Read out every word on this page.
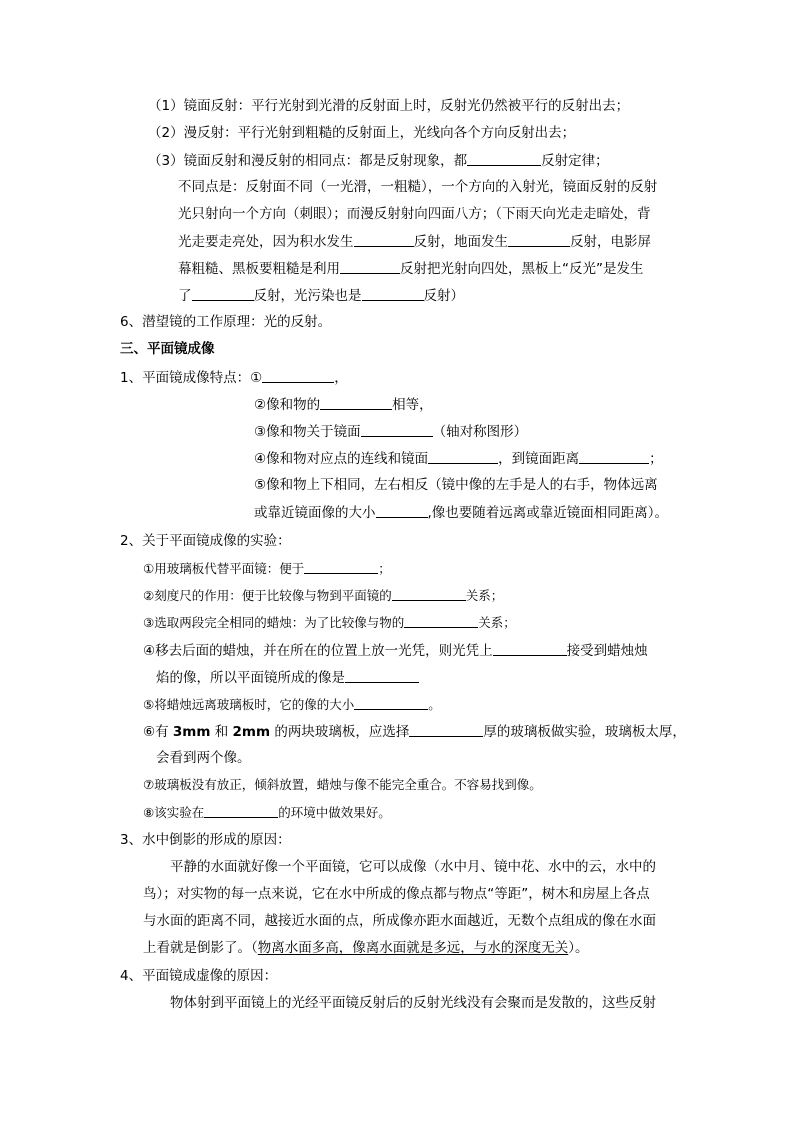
（1）镜面反射：平行光射到光滑的反射面上时，反射光仍然被平行的反射出去；
（2）漫反射：平行光射到粗糙的反射面上，光线向各个方向反射出去；
（3）镜面反射和漫反射的相同点：都是反射现象，都	反射定律；
不同点是：反射面不同（一光滑，一粗糙），一个方向的入射光，镜面反射的反射
光只射向一个方向（刺眼）；而漫反射射向四面八方；（下雨天向光走走暗处，背
光走要走亮处，因为积水发生	反射，地面发生	反射，电影屏
幕粗糙、黑板要粗糙是利用	反射把光射向四处，黑板上“反光”是发生
了	反射，光污染也是	反射）
6、潜望镜的工作原理：光的反射。
三、平面镜成像
1、平面镜成像特点：①	，
②像和物的	相等，
③像和物关于镜面	（轴对称图形）
④像和物对应点的连线和镜面	，到镜面距离	；
⑤像和物上下相同，左右相反（镜中像的左手是人的右手，物体远离
或靠近镜面像的大小	,像也要随着远离或靠近镜面相同距离）。
2、关于平面镜成像的实验：
①用玻璃板代替平面镜：便于	；
②刻度尺的作用：便于比较像与物到平面镜的	关系；
③选取两段完全相同的蜡烛：为了比较像与物的	关系；
④移去后面的蜡烛，并在所在的位置上放一光凭，则光凭上	接受到蜡烛烛
焰的像，所以平面镜所成的像是
⑤将蜡烛远离玻璃板时，它的像的大小	。
⑥有 3mm 和 2mm 的两块玻璃板，应选择	厚的玻璃板做实验，玻璃板太厚，
会看到两个像。
⑦玻璃板没有放正，倾斜放置，蜡烛与像不能完全重合。不容易找到像。
⑧该实验在	的环境中做效果好。
3、水中倒影的形成的原因：
平静的水面就好像一个平面镜，它可以成像（水中月、镜中花、水中的云，水中的
鸟）；对实物的每一点来说，它在水中所成的像点都与物点“等距”，树木和房屋上各点
与水面的距离不同，越接近水面的点，所成像亦距水面越近，无数个点组成的像在水面
上看就是倒影了。（物离水面多高，像离水面就是多远，与水的深度无关）。
4、平面镜成虚像的原因：
物体射到平面镜上的光经平面镜反射后的反射光线没有会聚而是发散的，这些反射
